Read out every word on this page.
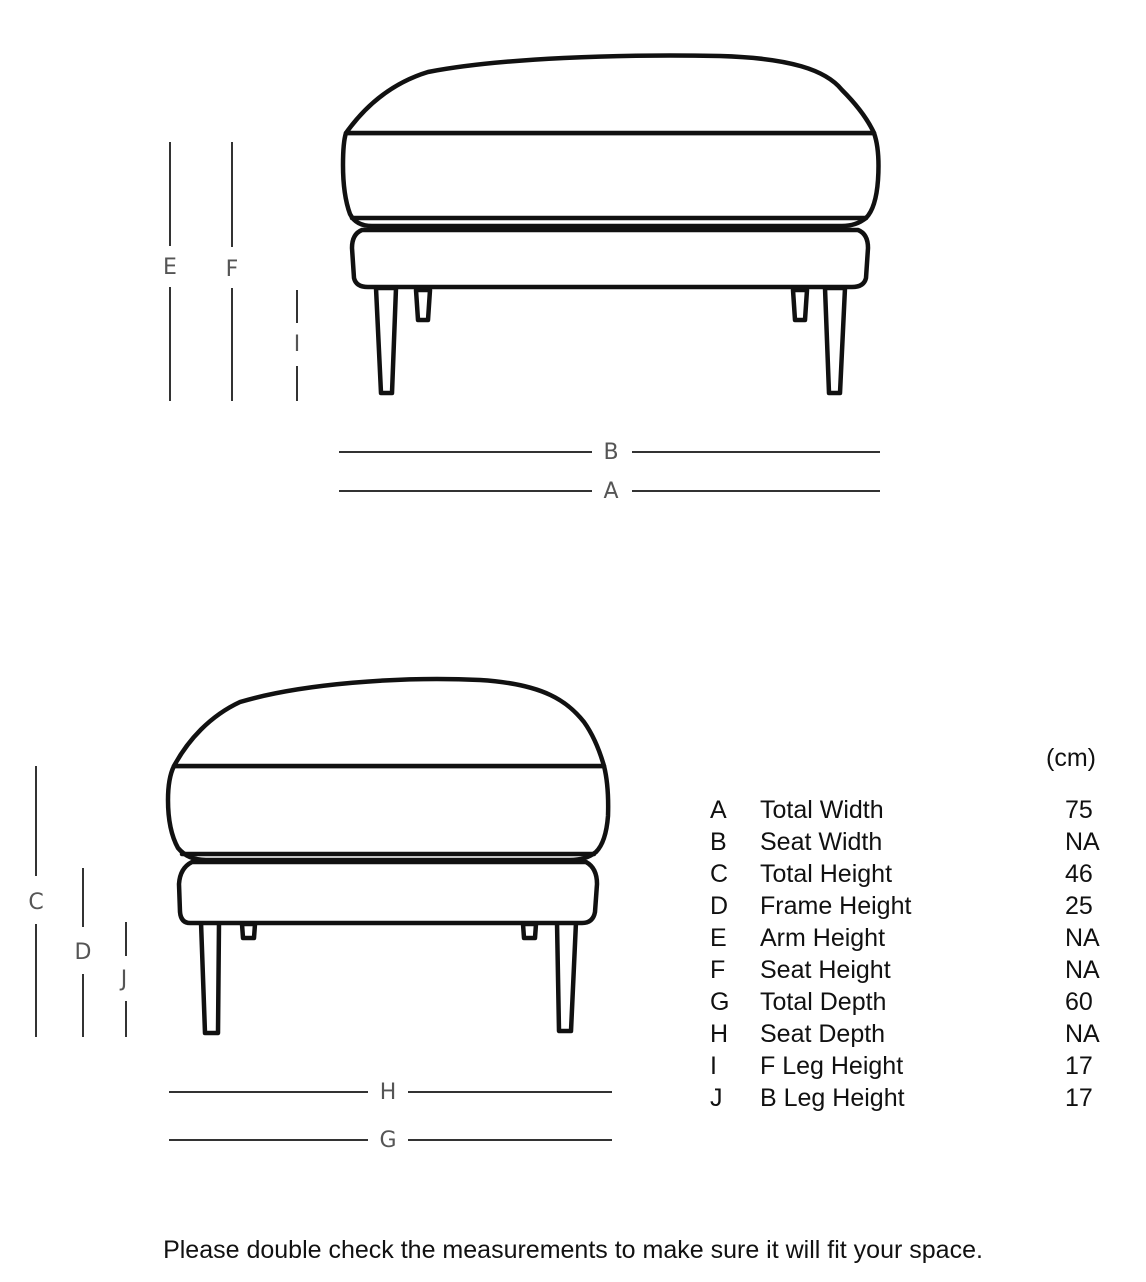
E F
I
B
A
C
D
J
H
G
(cm)
A Total Width	75
B Seat Width	NA
C Total Height	46
D Frame Height	25
E Arm Height	NA
F Seat Height	NA
G Total Depth	60
H Seat Depth	NA
I F Leg Height	17
J B Leg Height	17
Please double check the measurements to make sure it will fit your space.
